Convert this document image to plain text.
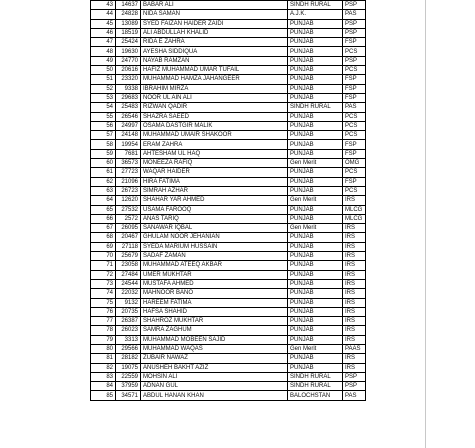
43	14637	BABAR ALI	SINDH RURAL	PSP
44	24828	NIDA SAMAN	A.J.K.	PAS
45	13089	SYED FAIZAN HAIDER ZAIDI	PUNJAB	PSP
46	18519	ALI ABDULLAH KHALID	PUNJAB	PSP
47	25424	RIDA E ZAHRA	PUNJAB	FSP
48	19630	AYESHA SIDDIQUA	PUNJAB	PCS
49	24770	NAYAB RAMZAN	PUNJAB	PSP
50	20616	HAFIZ MUHAMMAD UMAR TUFAIL	PUNJAB	PCS
51	23320	MUHAMMAD HAMZA JAHANGEER	PUNJAB	FSP
52	9338	IBRAHIM MIRZA	PUNJAB	FSP
53	29683	NOOR UL AIN ALI	PUNJAB	FSP
54	25483	RIZWAN QADIR	SINDH RURAL	PAS
55	26546	SHAZRA SAEED	PUNJAB	PCS
56	24997	OSAMA DASTGIR MALIK	PUNJAB	PCS
57	24148	MUHAMMAD UMAIR SHAKOOR	PUNJAB	PCS
58	19954	ERAM ZAHRA	PUNJAB	FSP
59	7681	AHTESHAM UL HAQ	PUNJAB	FSP
60	36573	MONEEZA RAFIQ	Gen Merit	OMG
61	27723	WAQAR HAIDER	PUNJAB	PCS
62	21096	HIRA FATIMA	PUNJAB	FSP
63	26723	SIMRAH AZHAR	PUNJAB	PCS
64	12620	SHAHAR YAR AHMED	Gen Merit	IRS
65	27532	USAMA FAROOQ	PUNJAB	MLCG
66	2572	ANAS TARIQ	PUNJAB	MLCG
67	26095	SANAWAR IQBAL	Gen Merit	IRS
68	20467	GHULAM NOOR JEHANIAN	PUNJAB	IRS
69	27118	SYEDA MARIUM HUSSAIN	PUNJAB	IRS
70	25679	SADAF ZAMAN	PUNJAB	IRS
71	23058	MUHAMMAD ATEEQ AKBAR	PUNJAB	IRS
72	27484	UMER MUKHTAR	PUNJAB	IRS
73	24544	MUSTAFA AHMED	PUNJAB	IRS
74	22032	MAHNOOR BANO	PUNJAB	IRS
75	9132	HAREEM FATIMA	PUNJAB	IRS
76	20735	HAFSA SHAHID	PUNJAB	IRS
77	26387	SHAHROZ MUKHTAR	PUNJAB	IRS
78	26023	SAMRA ZAGHUM	PUNJAB	IRS
79	3313	MUHAMMAD MOBEEN SAJID	PUNJAB	IRS
80	29566	MUHAMMAD WAQAS	Gen Merit	PAAS
81	28182	ZUBAIR NAWAZ	PUNJAB	IRS
82	19075	ANUSHEH BAKHT AZIZ	PUNJAB	IRS
83	22559	MOHSIN ALI	SINDH RURAL	PSP
84	37959	ADNAN GUL	SINDH RURAL	PSP
85	34571	ABDUL HANAN KHAN	BALOCHSTAN	PAS
